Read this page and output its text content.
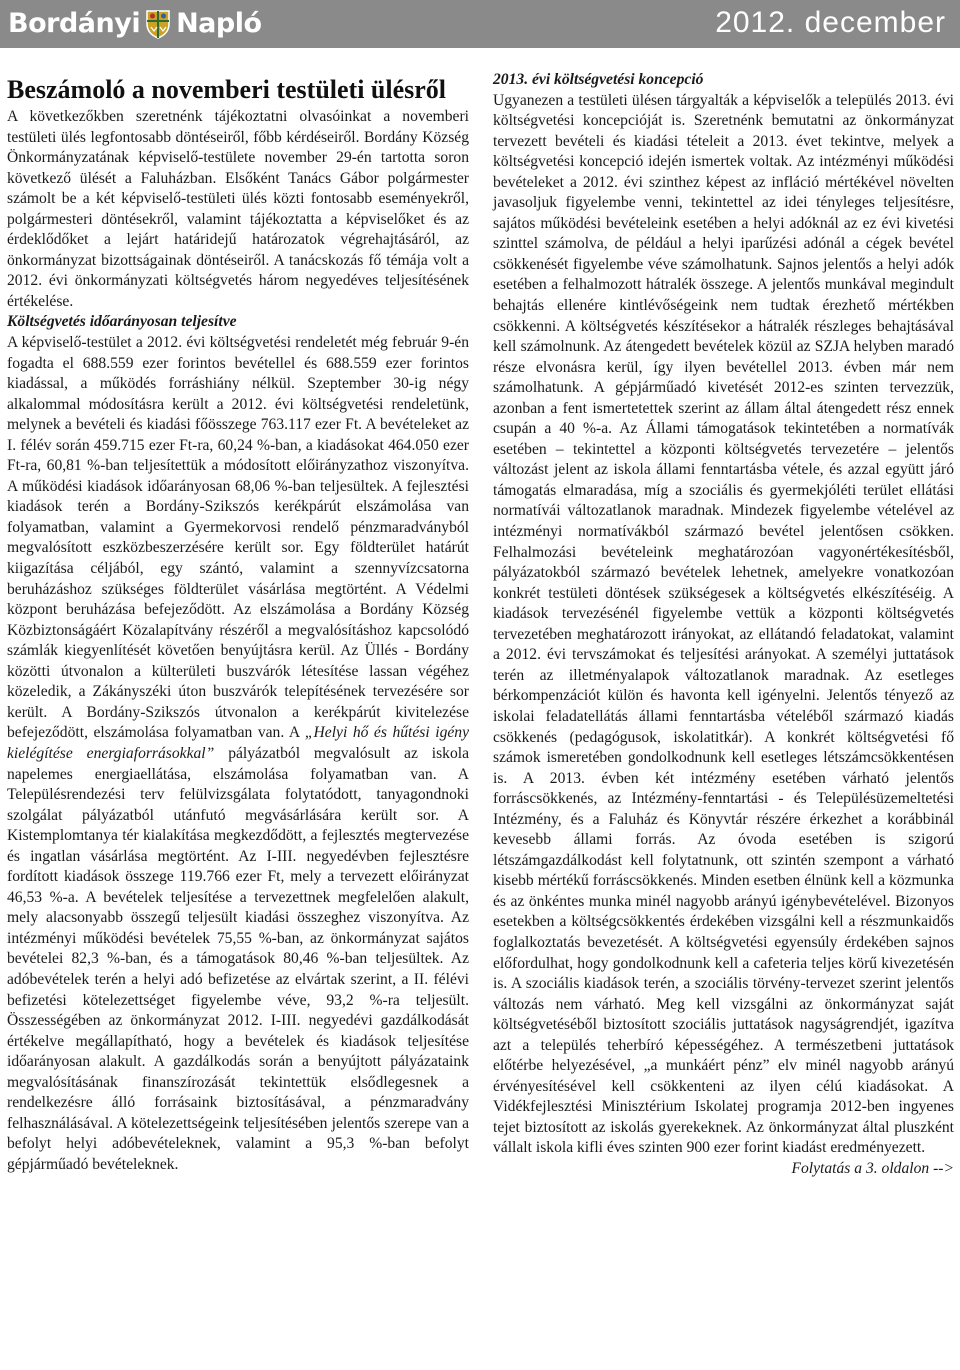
Bordányi Napló	2012. december
Beszámoló a novemberi testületi ülésről

A következőkben szeretnénk tájékoztatni olvasóinkat a novemberi testületi ülés legfontosabb döntéseiről, főbb kérdéseiről. Bordány Község Önkormányzatának képviselő-testülete november 29-én tartotta soron következő ülését a Faluházban. Elsőként Tanács Gábor polgármester számolt be a két képviselő-testületi ülés közti fontosabb eseményekről, polgármesteri döntésekről, valamint tájékoztatta a képviselőket és az érdeklődőket a lejárt határidejű határozatok végrehajtásáról, az önkormányzat bizottságainak döntéseiről. A tanácskozás fő témája volt a 2012. évi önkormányzati költségvetés három negyedéves teljesítésének értékelése.

Költségvetés időarányosan teljesítve

A képviselő-testület a 2012. évi költségvetési rendeletét még február 9-én fogadta el 688.559 ezer forintos bevétellel és 688.559 ezer forintos kiadással, a működés forráshiány nélkül. Szeptember 30-ig négy alkalommal módosításra került a 2012. évi költségvetési rendeletünk, melynek a bevételi és kiadási főösszege 763.117 ezer Ft. A bevételeket az I. félév során 459.715 ezer Ft-ra, 60,24 %-ban, a kiadásokat 464.050 ezer Ft-ra, 60,81 %-ban teljesítettük a módosított előirányzathoz viszonyítva. A működési kiadások időarányosan 68,06 %-ban teljesültek. A fejlesztési kiadások terén a Bordány-Szikszós kerékpárút elszámolása van folyamatban, valamint a Gyermekorvosi rendelő pénzmaradványból megvalósított eszközbeszerzésére került sor. Egy földterület határút kiigazítása céljából, egy szántó, valamint a szennyvízcsatorna beruházáshoz szükséges földterület vásárlása megtörtént. A Védelmi központ beruházása befejeződött. Az elszámolása a Bordány Község Közbiztonságáért Közalapítvány részéről a megvalósításhoz kapcsolódó számlák kiegyenlítését követően benyújtásra kerül. Az Üllés - Bordány közötti útvonalon a külterületi buszvárók létesítése lassan végéhez közeledik, a Zákányszéki úton buszvárók telepítésének tervezésére sor került. A Bordány-Szikszós útvonalon a kerékpárút kivitelezése befejeződött, elszámolása folyamatban van. A „Helyi hő és hűtési igény kielégítése energiaforrásokkal” pályázatból megvalósult az iskola napelemes energiaellátása, elszámolása folyamatban van. A Településrendezési terv felülvizsgálata folytatódott, tanyagondnoki szolgálat pályázatból utánfutó megvásárlására került sor. A Kistemplomtanya tér kialakítása megkezdődött, a fejlesztés megtervezése és ingatlan vásárlása megtörtént. Az I-III. negyedévben fejlesztésre fordított kiadások összege 119.766 ezer Ft, mely a tervezett előirányzat 46,53 %-a. A bevételek teljesítése a tervezettnek megfelelően alakult, mely alacsonyabb összegű teljesült kiadási összeghez viszonyítva. Az intézményi működési bevételek 75,55 %-ban, az önkormányzat sajátos bevételei 82,3 %-ban, és a támogatások 80,46 %-ban teljesültek. Az adóbevételek terén a helyi adó befizetése az elvártak szerint, a II. félévi befizetési kötelezettséget figyelembe véve, 93,2 %-ra teljesült. Összességében az önkormányzat 2012. I-III. negyedévi gazdálkodását értékelve megállapítható, hogy a bevételek és kiadások teljesítése időarányosan alakult. A gazdálkodás során a benyújtott pályázataink megvalósításának finanszírozását tekintettük elsődlegesnek a rendelkezésre álló forrásaink biztosításával, a pénzmaradvány felhasználásával. A kötelezettségeink teljesítésében jelentős szerepe van a befolyt helyi adóbevételeknek, valamint a 95,3 %-ban befolyt gépjárműadó bevételeknek.

2013. évi költségvetési koncepció

Ugyanezen a testületi ülésen tárgyalták a képviselők a település 2013. évi költségvetési koncepcióját is. Szeretnénk bemutatni az önkormányzat tervezett bevételi és kiadási tételeit a 2013. évet tekintve, melyek a költségvetési koncepció idején ismertek voltak. Az intézményi működési bevételeket a 2012. évi szinthez képest az infláció mértékével növelten javasoljuk figyelembe venni, tekintettel az idei tényleges teljesítésre, sajátos működési bevételeink esetében a helyi adóknál az ez évi kivetési szinttel számolva, de például a helyi iparűzési adónál a cégek bevétel csökkenését figyelembe véve számolhatunk. Sajnos jelentős a helyi adók esetében a felhalmozott hátralék összege. A jelentős munkával megindult behajtás ellenére kintlévőségeink nem tudtak érezhető mértékben csökkenni. A költségvetés készítésekor a hátralék részleges behajtásával kell számolnunk. Az átengedett bevételek közül az SZJA helyben maradó része elvonásra kerül, így ilyen bevétellel 2013. évben már nem számolhatunk. A gépjárműadó kivetését 2012-es szinten tervezzük, azonban a fent ismertetettek szerint az állam által átengedett rész ennek csupán a 40 %-a. Az Állami támogatások tekintetében a normatívák esetében – tekintettel a központi költségvetés tervezetére – jelentős változást jelent az iskola állami fenntartásba vétele, és azzal együtt járó támogatás elmaradása, míg a szociális és gyermekjóléti terület ellátási normatívái változatlanok maradnak. Mindezek figyelembe vételével az intézményi normatívákból származó bevétel jelentősen csökken. Felhalmozási bevételeink meghatározóan vagyonértékesítésből, pályázatokból származó bevételek lehetnek, amelyekre vonatkozóan konkrét testületi döntések szükségesek a költségvetés elkészítéséig. A kiadások tervezésénél figyelembe vettük a központi költségvetés tervezetében meghatározott irányokat, az ellátandó feladatokat, valamint a 2012. évi tervszámokat és teljesítési arányokat. A személyi juttatások terén az illetményalapok változatlanok maradnak. Az esetleges bérkompenzációt külön és havonta kell igényelni. Jelentős tényező az iskolai feladatellátás állami fenntartásba vételéből származó kiadás csökkenés (pedagógusok, iskolatitkár). A konkrét költségvetési fő számok ismeretében gondolkodnunk kell esetleges létszámcsökkentésen is. A 2013. évben két intézmény esetében várható jelentős forráscsökkenés, az Intézmény-fenntartási - és Településüzemeltetési Intézmény, és a Faluház és Könyvtár részére érkezhet a korábbinál kevesebb állami forrás. Az óvoda esetében is szigorú létszámgazdálkodást kell folytatnunk, ott szintén szempont a várható kisebb mértékű forráscsökkenés. Minden esetben élnünk kell a közmunka és az önkéntes munka minél nagyobb arányú igénybevételével. Bizonyos esetekben a költségcsökkentés érdekében vizsgálni kell a részmunkaidős foglalkoztatás bevezetését. A költségvetési egyensúly érdekében sajnos előfordulhat, hogy gondolkodnunk kell a cafeteria teljes körű kivezetésén is. A szociális kiadások terén, a szociális törvény-tervezet szerint jelentős változás nem várható. Meg kell vizsgálni az önkormányzat saját költségvetéséből biztosított szociális juttatások nagyságrendjét, igazítva azt a település teherbíró képességéhez. A természetbeni juttatások előtérbe helyezésével, „a munkáért pénz” elv minél nagyobb arányú érvényesítésével kell csökkenteni az ilyen célú kiadásokat. A Vidékfejlesztési Minisztérium Iskolatej programja 2012-ben ingyenes tejet biztosított az iskolás gyerekeknek. Az önkormányzat által pluszként vállalt iskola kifli éves szinten 900 ezer forint kiadást eredményezett.

Folytatás a 3. oldalon -->
